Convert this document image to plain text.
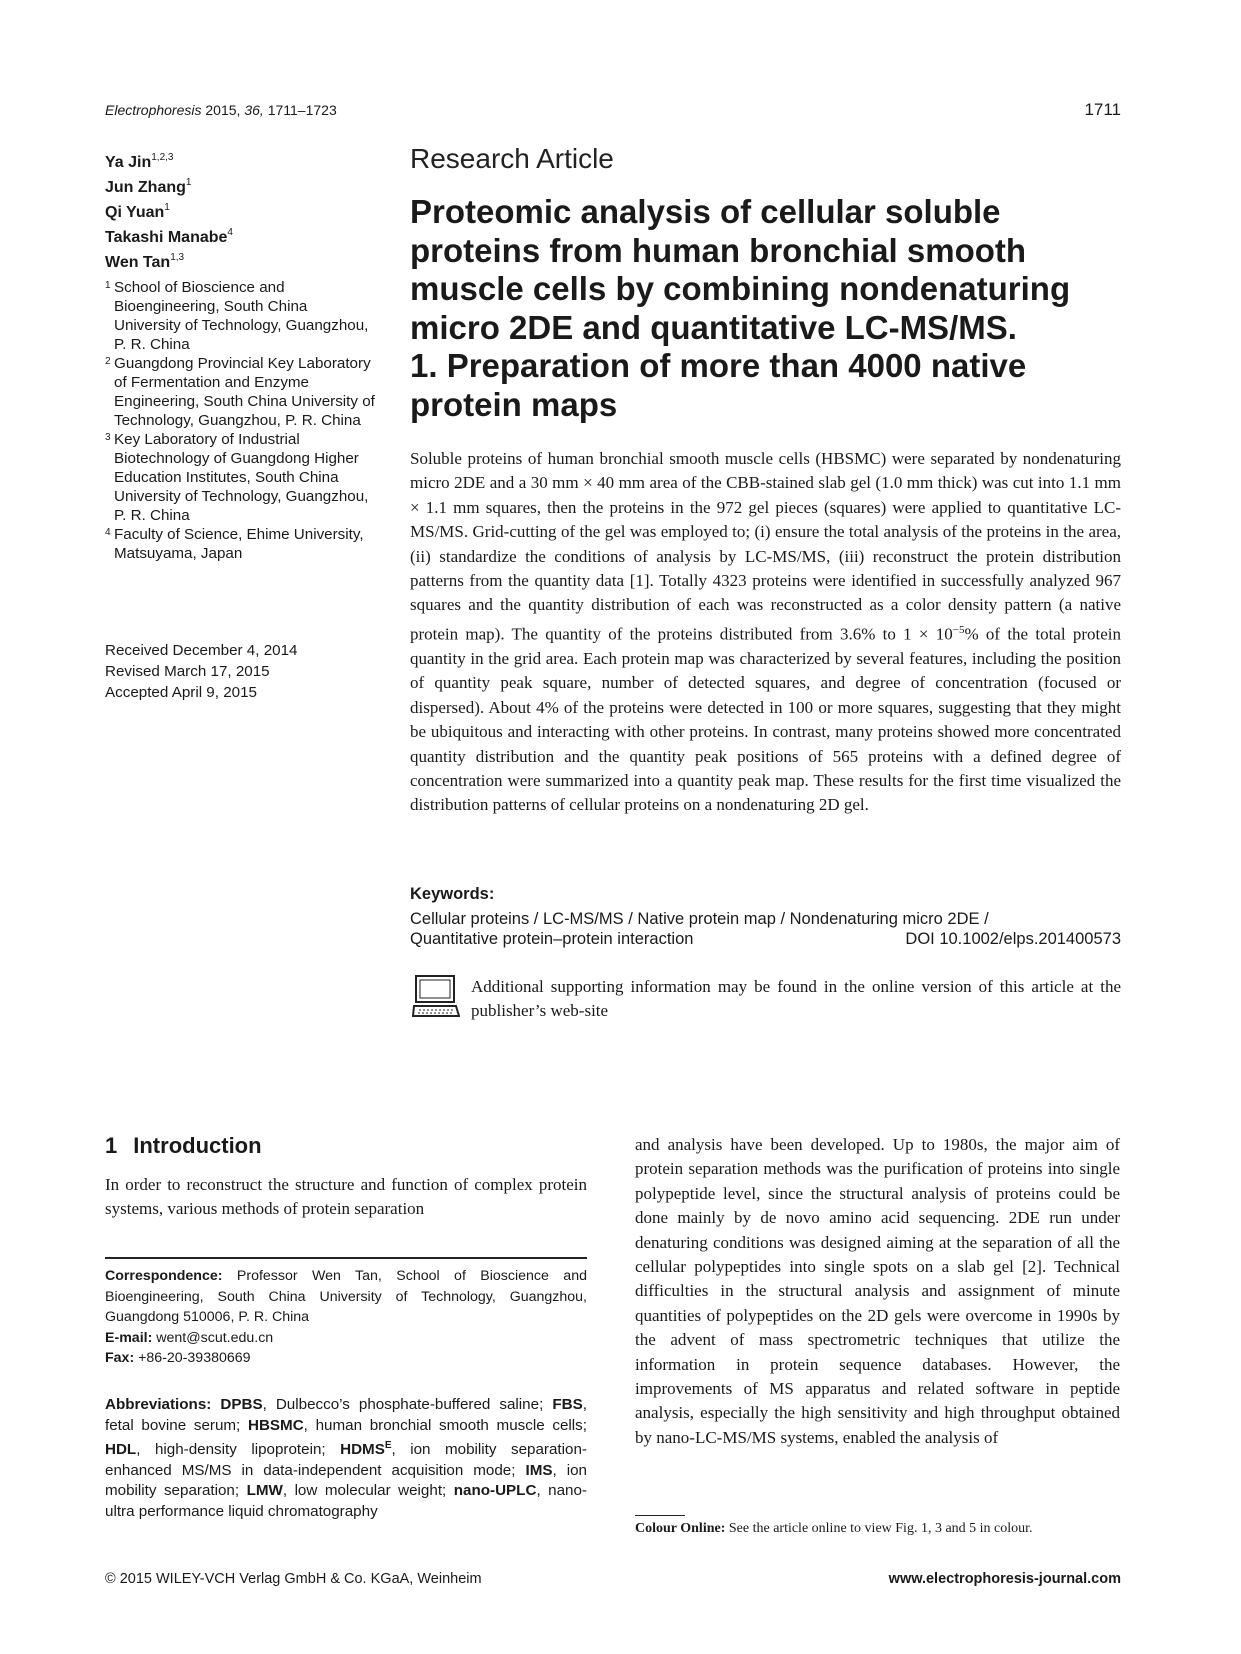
Electrophoresis 2015, 36, 1711–1723	1711
Ya Jin$^{1,2,3}$
Jun Zhang$^1$
Qi Yuan$^1$
Takashi Manabe$^4$
Wen Tan$^{1,3}$
1 School of Bioscience and Bioengineering, South China University of Technology, Guangzhou, P. R. China
2 Guangdong Provincial Key Laboratory of Fermentation and Enzyme Engineering, South China University of Technology, Guangzhou, P. R. China
3 Key Laboratory of Industrial Biotechnology of Guangdong Higher Education Institutes, South China University of Technology, Guangzhou, P. R. China
4 Faculty of Science, Ehime University, Matsuyama, Japan
Received December 4, 2014
Revised March 17, 2015
Accepted April 9, 2015
Research Article
Proteomic analysis of cellular soluble
proteins from human bronchial smooth
muscle cells by combining nondenaturing
micro 2DE and quantitative LC-MS/MS.
1. Preparation of more than 4000 native
protein maps

Soluble proteins of human bronchial smooth muscle cells (HBSMC) were separated by nondenaturing micro 2DE and a 30 mm × 40 mm area of the CBB-stained slab gel (1.0 mm thick) was cut into 1.1 mm × 1.1 mm squares, then the proteins in the 972 gel pieces (squares) were applied to quantitative LC-MS/MS. Grid-cutting of the gel was employed to; (i) ensure the total analysis of the proteins in the area, (ii) standardize the conditions of analysis by LC-MS/MS, (iii) reconstruct the protein distribution patterns from the quantity data [1]. Totally 4323 proteins were identified in successfully analyzed 967 squares and the quantity distribution of each was reconstructed as a color density pattern (a native protein map). The quantity of the proteins distributed from 3.6% to $1 \times 10^{-5}\%$ of the total protein quantity in the grid area. Each protein map was characterized by several features, including the position of quantity peak square, number of detected squares, and degree of concentration (focused or dispersed). About 4% of the proteins were detected in 100 or more squares, suggesting that they might be ubiquitous and interacting with other proteins. In contrast, many proteins showed more concentrated quantity distribution and the quantity peak positions of 565 proteins with a defined degree of concentration were summarized into a quantity peak map. These results for the first time visualized the distribution patterns of cellular proteins on a nondenaturing 2D gel.

Keywords:
Cellular proteins / LC-MS/MS / Native protein map / Nondenaturing micro 2DE /
Quantitative protein–protein interaction	DOI 10.1002/elps.201400573
Additional supporting information may be found in the online version of this article at the publisher’s web-site
1 Introduction
In order to reconstruct the structure and function of complex protein systems, various methods of protein separation
and analysis have been developed. Up to 1980s, the major aim of protein separation methods was the purification of proteins into single polypeptide level, since the structural analysis of proteins could be done mainly by de novo amino acid sequencing. 2DE run under denaturing conditions was designed aiming at the separation of all the cellular polypeptides into single spots on a slab gel [2]. Technical difficulties in the structural analysis and assignment of minute quantities of polypeptides on the 2D gels were overcome in 1990s by the advent of mass spectrometric techniques that utilize the information in protein sequence databases. However, the improvements of MS apparatus and related software in peptide analysis, especially the high sensitivity and high throughput obtained by nano-LC-MS/MS systems, enabled the analysis of
Correspondence: Professor Wen Tan, School of Bioscience and Bioengineering, South China University of Technology, Guangzhou, Guangdong 510006, P. R. China
E-mail: went@scut.edu.cn
Fax: +86-20-39380669
Abbreviations: DPBS, Dulbecco’s phosphate-buffered saline; FBS, fetal bovine serum; HBSMC, human bronchial smooth muscle cells; HDL, high-density lipoprotein; $HDMS^E$, ion mobility separation-enhanced MS/MS in data-independent acquisition mode; IMS, ion mobility separation; LMW, low molecular weight; nano-UPLC, nano-ultra performance liquid chromatography
Colour Online: See the article online to view Fig. 1, 3 and 5 in colour.
© 2015 WILEY-VCH Verlag GmbH & Co. KGaA, Weinheim	www.electrophoresis-journal.com
